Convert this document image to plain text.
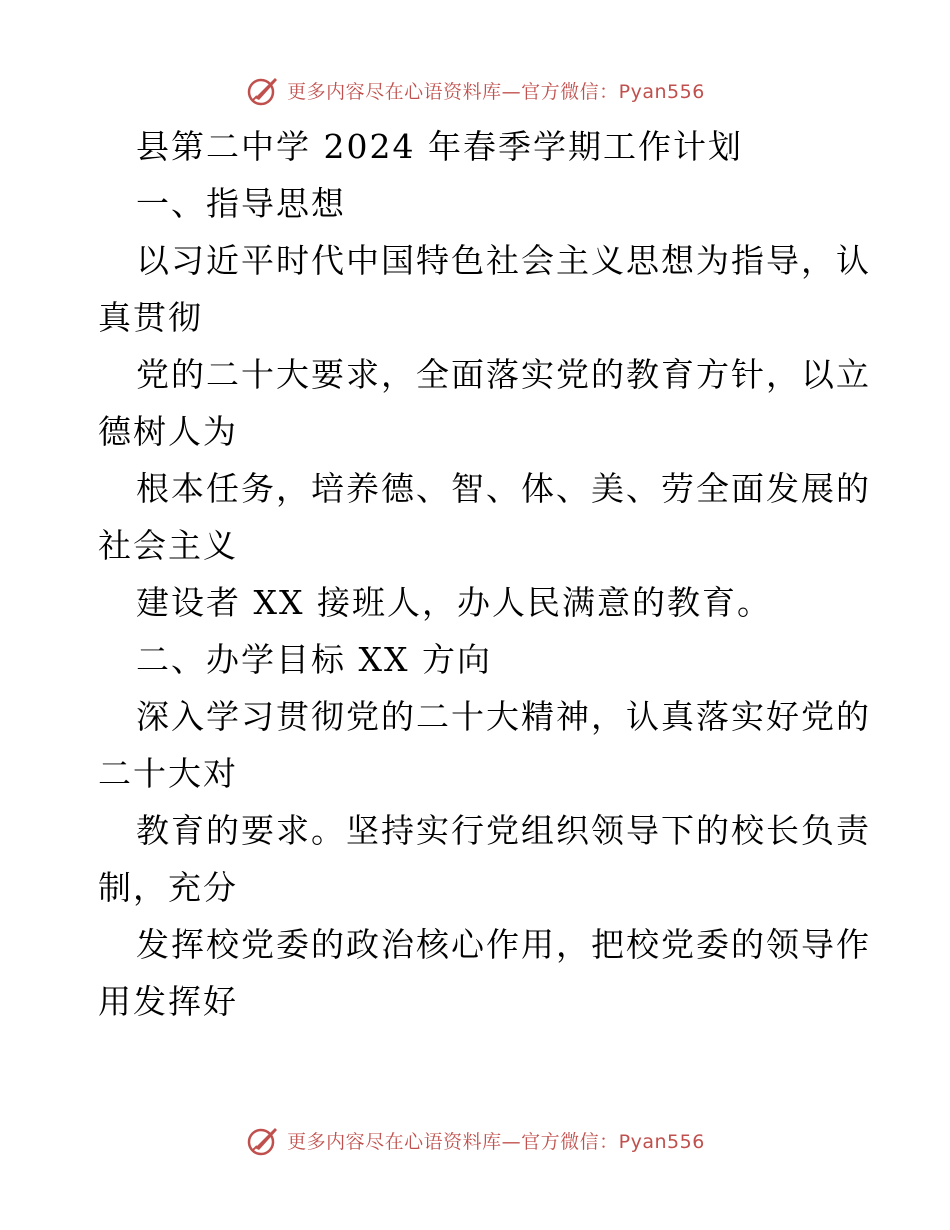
更多内容尽在心语资料库—官方微信：Pyan556
县第二中学 2024 年春季学期工作计划
一、指导思想
以习近平时代中国特色社会主义思想为指导，认
真贯彻
党的二十大要求，全面落实党的教育方针，以立
德树人为
根本任务，培养德、智、体、美、劳全面发展的
社会主义
建设者 XX 接班人，办人民满意的教育。
二、办学目标 XX 方向
深入学习贯彻党的二十大精神，认真落实好党的
二十大对
教育的要求。坚持实行党组织领导下的校长负责
制，充分
发挥校党委的政治核心作用，把校党委的领导作
用发挥好
更多内容尽在心语资料库—官方微信：Pyan556
